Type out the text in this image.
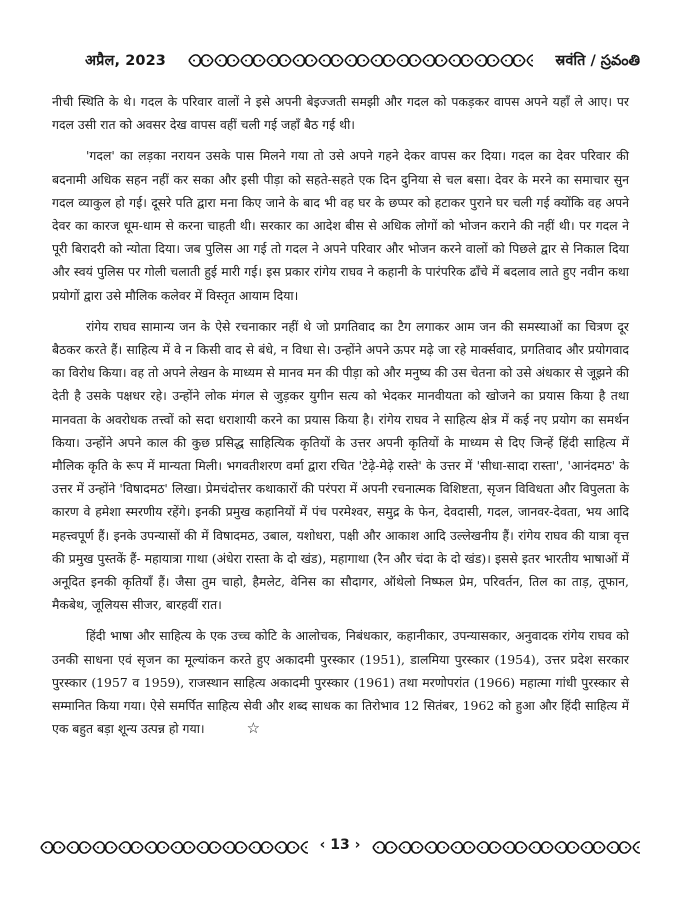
अप्रैल, 2023	स्रवंति / స్రవంతి

नीची स्थिति के थे। गदल के परिवार वालों ने इसे अपनी बेइज्जती समझी और गदल को पकड़कर वापस अपने यहाँ ले आए। पर गदल उसी रात को अवसर देख वापस वहीं चली गई जहाँ बैठ गई थी।

'गदल' का लड़का नरायन उसके पास मिलने गया तो उसे अपने गहने देकर वापस कर दिया। गदल का देवर परिवार की बदनामी अधिक सहन नहीं कर सका और इसी पीड़ा को सहते-सहते एक दिन दुनिया से चल बसा। देवर के मरने का समाचार सुन गदल व्याकुल हो गई। दूसरे पति द्वारा मना किए जाने के बाद भी वह घर के छप्पर को हटाकर पुराने घर चली गई क्योंकि वह अपने देवर का कारज धूम-धाम से करना चाहती थी। सरकार का आदेश बीस से अधिक लोगों को भोजन कराने की नहीं थी। पर गदल ने पूरी बिरादरी को न्योता दिया। जब पुलिस आ गई तो गदल ने अपने परिवार और भोजन करने वालों को पिछले द्वार से निकाल दिया और स्वयं पुलिस पर गोली चलाती हुई मारी गई। इस प्रकार रांगेय राघव ने कहानी के पारंपरिक ढाँचे में बदलाव लाते हुए नवीन कथा प्रयोगों द्वारा उसे मौलिक कलेवर में विस्तृत आयाम दिया।

रांगेय राघव सामान्य जन के ऐसे रचनाकार नहीं थे जो प्रगतिवाद का टैग लगाकर आम जन की समस्याओं का चित्रण दूर बैठकर करते हैं। साहित्य में वे न किसी वाद से बंधे, न विधा से। उन्होंने अपने ऊपर मढ़े जा रहे मार्क्सवाद, प्रगतिवाद और प्रयोगवाद का विरोध किया। वह तो अपने लेखन के माध्यम से मानव मन की पीड़ा को और मनुष्य की उस चेतना को उसे अंधकार से जूझने की देती है उसके पक्षधर रहे। उन्होंने लोक मंगल से जुड़कर युगीन सत्य को भेदकर मानवीयता को खोजने का प्रयास किया है तथा मानवता के अवरोधक तत्त्वों को सदा धराशायी करने का प्रयास किया है। रांगेय राघव ने साहित्य क्षेत्र में कई नए प्रयोग का समर्थन किया। उन्होंने अपने काल की कुछ प्रसिद्ध साहित्यिक कृतियों के उत्तर अपनी कृतियों के माध्यम से दिए जिन्हें हिंदी साहित्य में मौलिक कृति के रूप में मान्यता मिली। भगवतीशरण वर्मा द्वारा रचित 'टेढ़े-मेढ़े रास्ते' के उत्तर में 'सीधा-सादा रास्ता', 'आनंदमठ' के उत्तर में उन्होंने 'विषादमठ' लिखा। प्रेमचंदोत्तर कथाकारों की परंपरा में अपनी रचनात्मक विशिष्टता, सृजन विविधता और विपुलता के कारण वे हमेशा स्मरणीय रहेंगे। इनकी प्रमुख कहानियों में पंच परमेश्वर, समुद्र के फेन, देवदासी, गदल, जानवर-देवता, भय आदि महत्त्वपूर्ण हैं। इनके उपन्यासों की में विषादमठ, उबाल, यशोधरा, पक्षी और आकाश आदि उल्लेखनीय हैं। रांगेय राघव की यात्रा वृत्त की प्रमुख पुस्तकें हैं- महायात्रा गाथा (अंधेरा रास्ता के दो खंड), महागाथा (रैन और चंदा के दो खंड)। इससे इतर भारतीय भाषाओं में अनूदित इनकी कृतियाँ हैं। जैसा तुम चाहो, हैमलेट, वेनिस का सौदागर, ऑथेलो निष्फल प्रेम, परिवर्तन, तिल का ताड़, तूफान, मैकबेथ, जूलियस सीजर, बारहवीं रात।

हिंदी भाषा और साहित्य के एक उच्च कोटि के आलोचक, निबंधकार, कहानीकार, उपन्यासकार, अनुवादक रांगेय राघव को उनकी साधना एवं सृजन का मूल्यांकन करते हुए अकादमी पुरस्कार (1951), डालमिया पुरस्कार (1954), उत्तर प्रदेश सरकार पुरस्कार (1957 व 1959), राजस्थान साहित्य अकादमी पुरस्कार (1961) तथा मरणोपरांत (1966) महात्मा गांधी पुरस्कार से सम्मानित किया गया। ऐसे समर्पित साहित्य सेवी और शब्द साधक का तिरोभाव 12 सितंबर, 1962 को हुआ और हिंदी साहित्य में एक बहुत बड़ा शून्य उत्पन्न हो गया।	☆

‹ 13 ›
